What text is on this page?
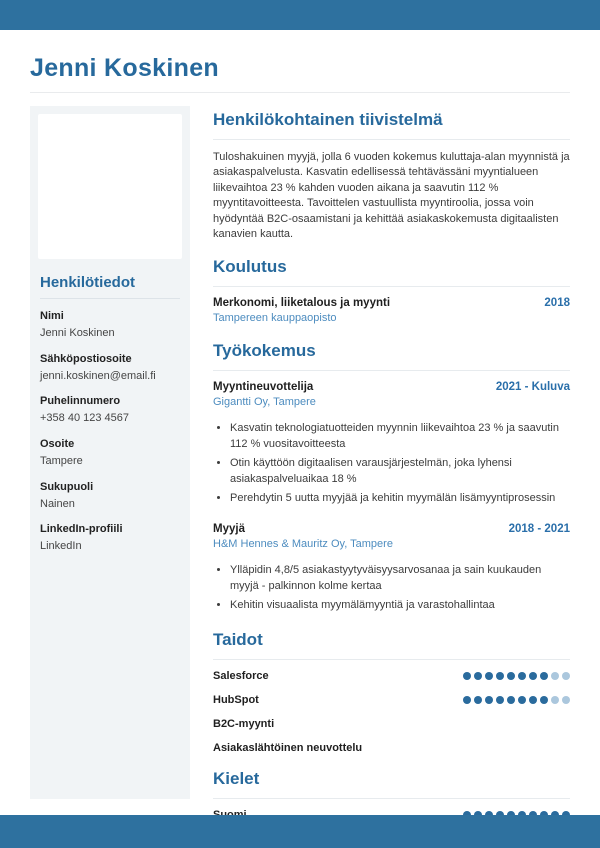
Jenni Koskinen
Henkilötiedot
Nimi
Jenni Koskinen
Sähköpostiosoite
jenni.koskinen@email.fi
Puhelinnumero
+358 40 123 4567
Osoite
Tampere
Sukupuoli
Nainen
LinkedIn-profiili
LinkedIn
Henkilökohtainen tiivistelmä

Tuloshakuinen myyjä, jolla 6 vuoden kokemus kuluttaja-alan myynnistä ja asiakaspalvelusta. Kasvatin edellisessä tehtävässäni myyntialueen liikevaihtoa 23 % kahden vuoden aikana ja saavutin 112 % myyntitavoitteesta. Tavoittelen vastuullista myyntiroolia, jossa voin hyödyntää B2C-osaamistani ja kehittää asiakaskokemusta digitaalisten kanavien kautta.

Koulutus
Merkonomi, liiketalous ja myynti	2018
Tampereen kauppaopisto
Työkokemus
Myyntineuvottelija	2021 - Kuluva
Gigantti Oy, Tampere
• Kasvatin teknologiatuotteiden myynnin liikevaihtoa 23 % ja saavutin 112 % vuositavoitteesta
• Otin käyttöön digitaalisen varausjärjestelmän, joka lyhensi asiakaspalveluaikaa 18 %
• Perehdytin 5 uutta myyjää ja kehitin myymälän lisämyyntiprosessin
Myyjä	2018 - 2021
H&M Hennes & Mauritz Oy, Tampere
• Ylläpidin 4,8/5 asiakastyytyväisyysarvosanaa ja sain kuukauden myyjä - palkinnon kolme kertaa
• Kehitin visuaalista myymälämyyntiä ja varastohallintaa
Taidot
Salesforce
HubSpot
B2C-myynti
Asiakaslähtöinen neuvottelu
Kielet
